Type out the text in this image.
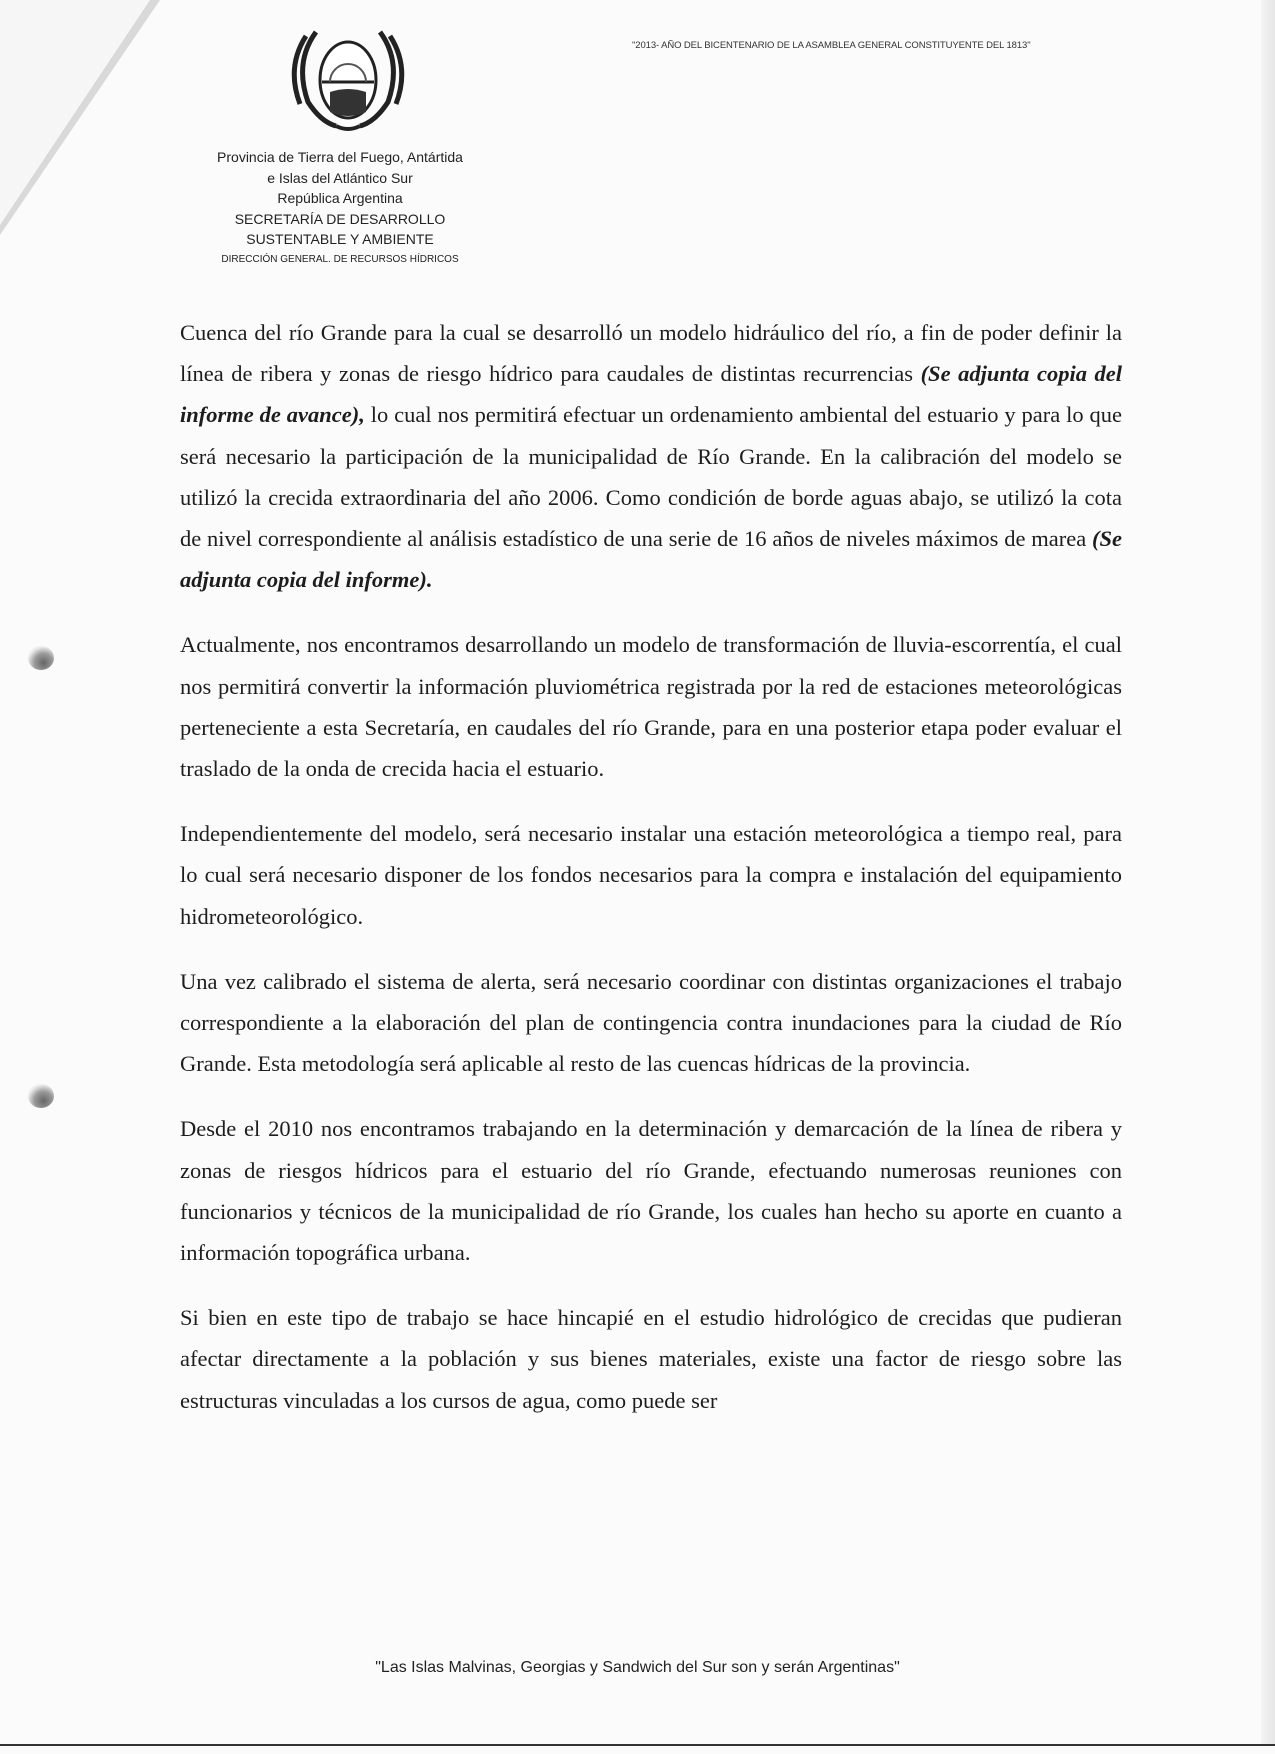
"2013- AÑO DEL BICENTENARIO DE LA ASAMBLEA GENERAL CONSTITUYENTE DEL 1813"
Provincia de Tierra del Fuego, Antártida
e Islas del Atlántico Sur
República Argentina
SECRETARÍA DE DESARROLLO
SUSTENTABLE Y AMBIENTE
DIRECCIÓN GENERAL. DE RECURSOS HÍDRICOS

Cuenca del río Grande para la cual se desarrolló un modelo hidráulico del río, a fin de poder definir la línea de ribera y zonas de riesgo hídrico para caudales de distintas recurrencias (Se adjunta copia del informe de avance), lo cual nos permitirá efectuar un ordenamiento ambiental del estuario y para lo que será necesario la participación de la municipalidad de Río Grande. En la calibración del modelo se utilizó la crecida extraordinaria del año 2006. Como condición de borde aguas abajo, se utilizó la cota de nivel correspondiente al análisis estadístico de una serie de 16 años de niveles máximos de marea (Se adjunta copia del informe).

Actualmente, nos encontramos desarrollando un modelo de transformación de lluvia-escorrentía, el cual nos permitirá convertir la información pluviométrica registrada por la red de estaciones meteorológicas perteneciente a esta Secretaría, en caudales del río Grande, para en una posterior etapa poder evaluar el traslado de la onda de crecida hacia el estuario.

Independientemente del modelo, será necesario instalar una estación meteorológica a tiempo real, para lo cual será necesario disponer de los fondos necesarios para la compra e instalación del equipamiento hidrometeorológico.

Una vez calibrado el sistema de alerta, será necesario coordinar con distintas organizaciones el trabajo correspondiente a la elaboración del plan de contingencia contra inundaciones para la ciudad de Río Grande. Esta metodología será aplicable al resto de las cuencas hídricas de la provincia.

Desde el 2010 nos encontramos trabajando en la determinación y demarcación de la línea de ribera y zonas de riesgos hídricos para el estuario del río Grande, efectuando numerosas reuniones con funcionarios y técnicos de la municipalidad de río Grande, los cuales han hecho su aporte en cuanto a información topográfica urbana.

Si bien en este tipo de trabajo se hace hincapié en el estudio hidrológico de crecidas que pudieran afectar directamente a la población y sus bienes materiales, existe una factor de riesgo sobre las estructuras vinculadas a los cursos de agua, como puede ser

"Las Islas Malvinas, Georgias y Sandwich del Sur son y serán Argentinas"
